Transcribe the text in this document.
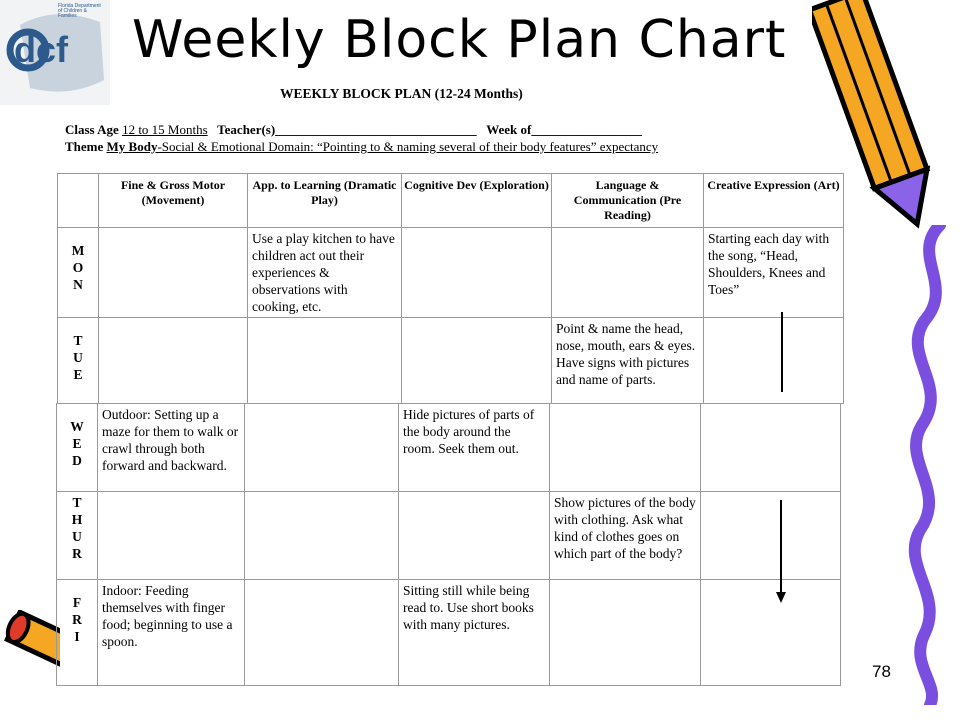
dcf
Florida Department of Children & Families	Weekly Block Plan Chart
WEEKLY BLOCK PLAN (12-24 Months)
Class Age 12 to 15 Months Teacher(s)_______________________________ Week of_________________
Theme My Body-Social & Emotional Domain: “Pointing to & naming several of their body features” expectancy
	Fine & Gross Motor (Movement)	App. to Learning (Dramatic Play)	Cognitive Dev (Exploration)	Language & Communication (Pre Reading)	Creative Expression (Art)

M
O
N		Use a play kitchen to have children act out their experiences & observations with cooking, etc.			Starting each day with the song, “Head, Shoulders, Knees and Toes”

T
U
E				Point & name the head, nose, mouth, ears & eyes. Have signs with pictures and name of parts.	
W
E
D	Outdoor: Setting up a maze for them to walk or crawl through both forward and backward.		Hide pictures of parts of the body around the room. Seek them out.		

T
H
U
R				Show pictures of the body with clothing. Ask what kind of clothes goes on which part of the body?	

F
R
I	Indoor: Feeding themselves with finger food; beginning to use a spoon.		Sitting still while being read to. Use short books with many pictures.		
78
